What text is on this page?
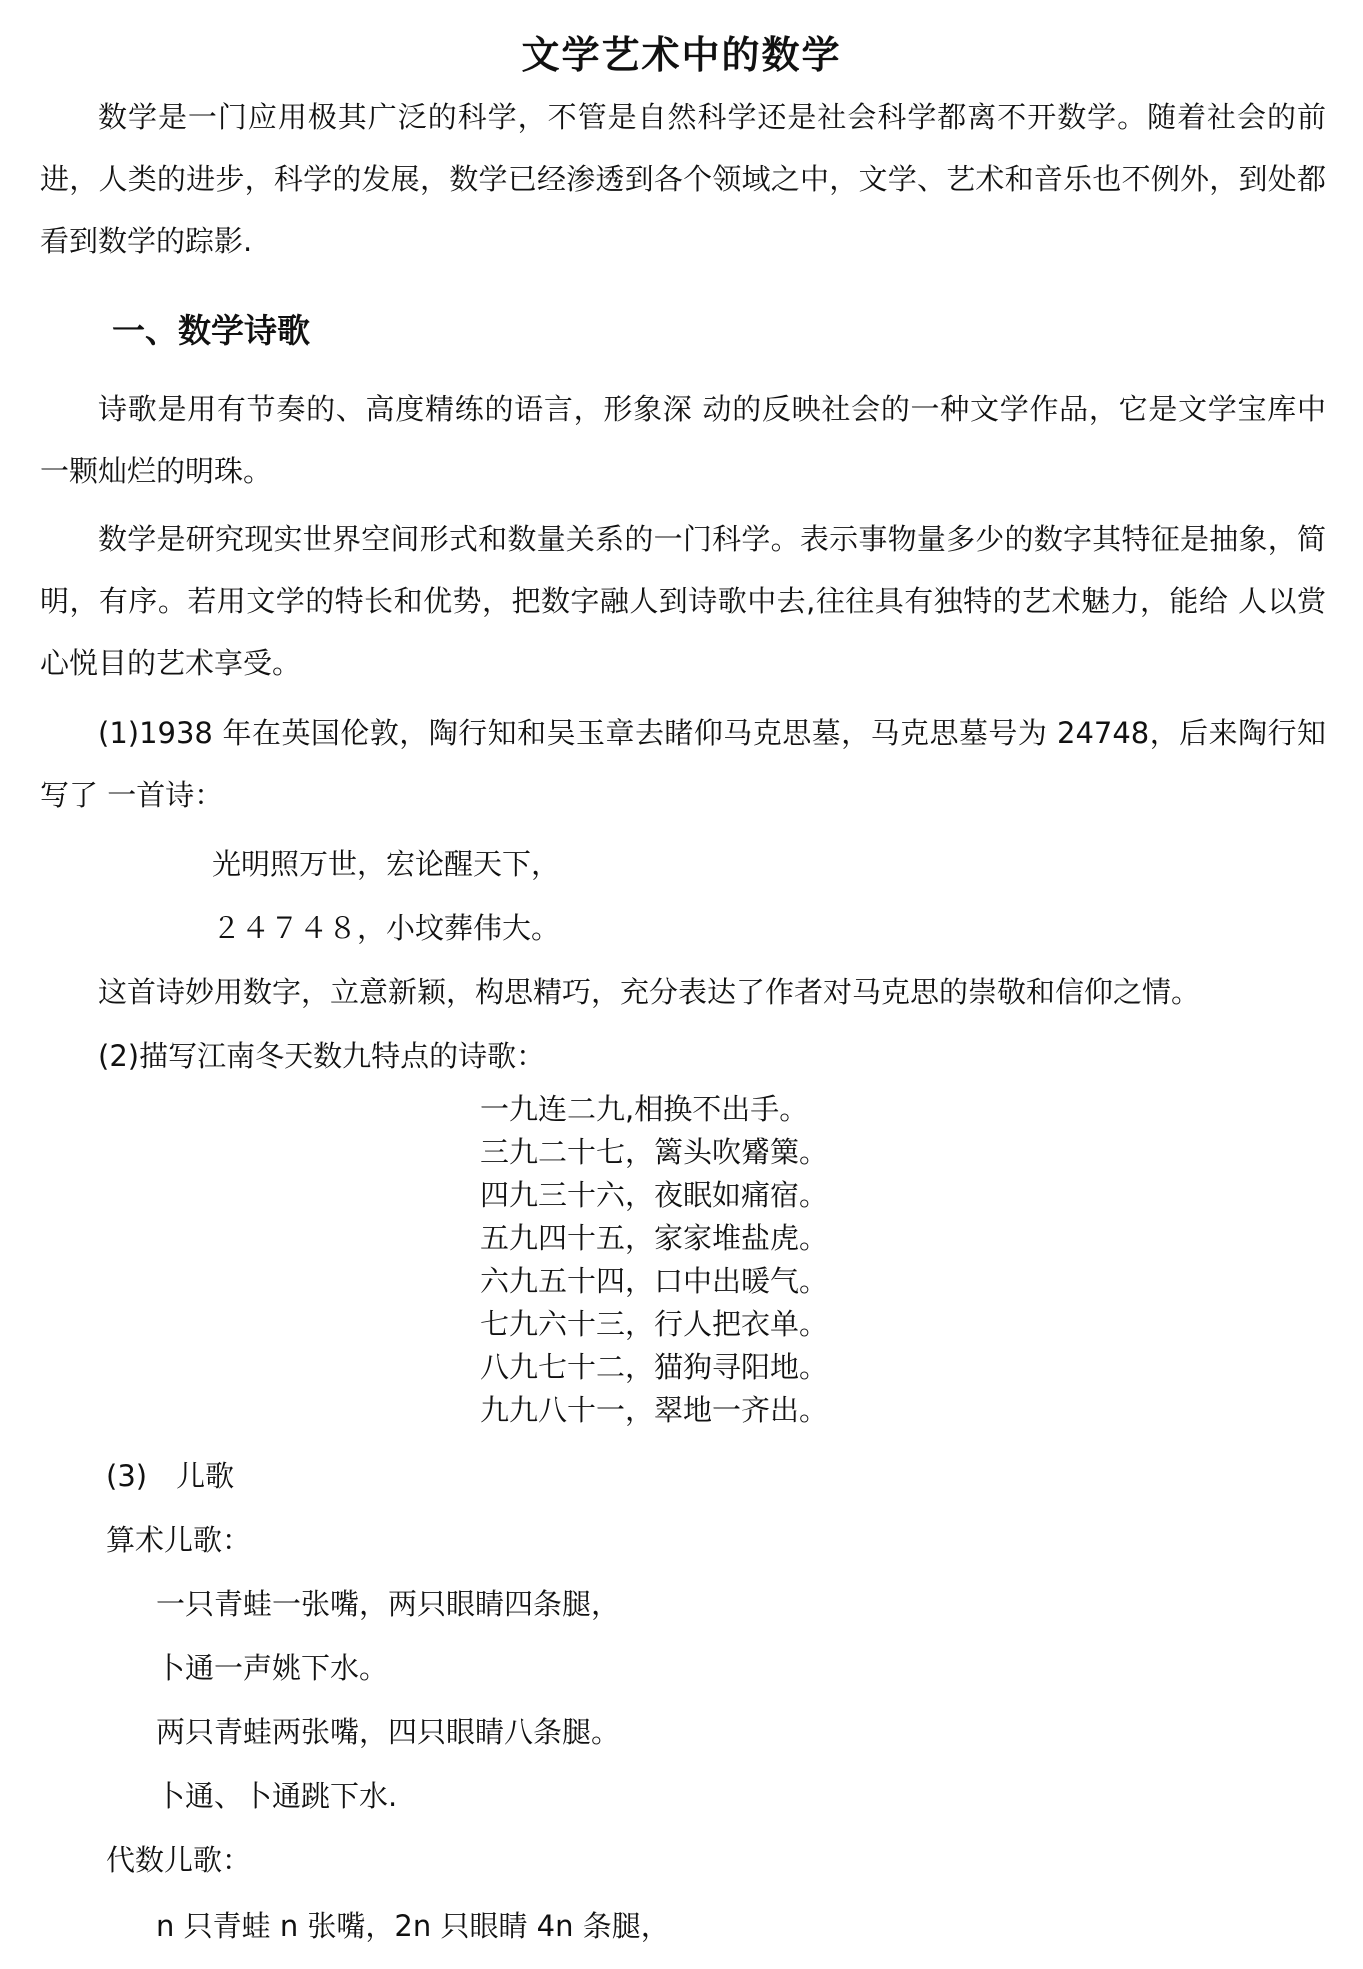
文学艺术中的数学

数学是一门应用极其广泛的科学，不管是自然科学还是社会科学都离不开数学。随着社会的前进，人类的进步，科学的发展，数学已经渗透到各个领域之中，文学、艺术和音乐也不例外，到处都看到数学的踪影.

一、数学诗歌

诗歌是用有节奏的、高度精练的语言，形象深 动的反映社会的一种文学作品，它是文学宝库中 一颗灿烂的明珠。

数学是研究现实世界空间形式和数量关系的一门科学。表示事物量多少的数字其特征是抽象，简明，有序。若用文学的特长和优势，把数字融人到诗歌中去,往往具有独特的艺术魅力，能给 人以赏心悦目的艺术享受。

(1)1938 年在英国伦敦，陶行知和吴玉章去睹仰马克思墓，马克思墓号为 24748，后来陶行知写了 一首诗：

光明照万世，宏论醒天下，
２４７４８，小坟葬伟大。
这首诗妙用数字，立意新颖，构思精巧，充分表达了作者对马克思的崇敬和信仰之情。
(2)描写江南冬天数九特点的诗歌：
一九连二九,相换不出手。
三九二十七，篱头吹觱篥。
四九三十六，夜眠如痛宿。
五九四十五，家家堆盐虎。
六九五十四，口中出暖气。
七九六十三，行人把衣单。
八九七十二，猫狗寻阳地。
九九八十一，翠地一齐出。
(3)　儿歌
算术儿歌：
一只青蛙一张嘴，两只眼睛四条腿，
卜通一声姚下水。
两只青蛙两张嘴，四只眼睛八条腿。
卜通、卜通跳下水.
代数儿歌：
n 只青蛙 n 张嘴，2n 只眼睛 4n 条腿，
